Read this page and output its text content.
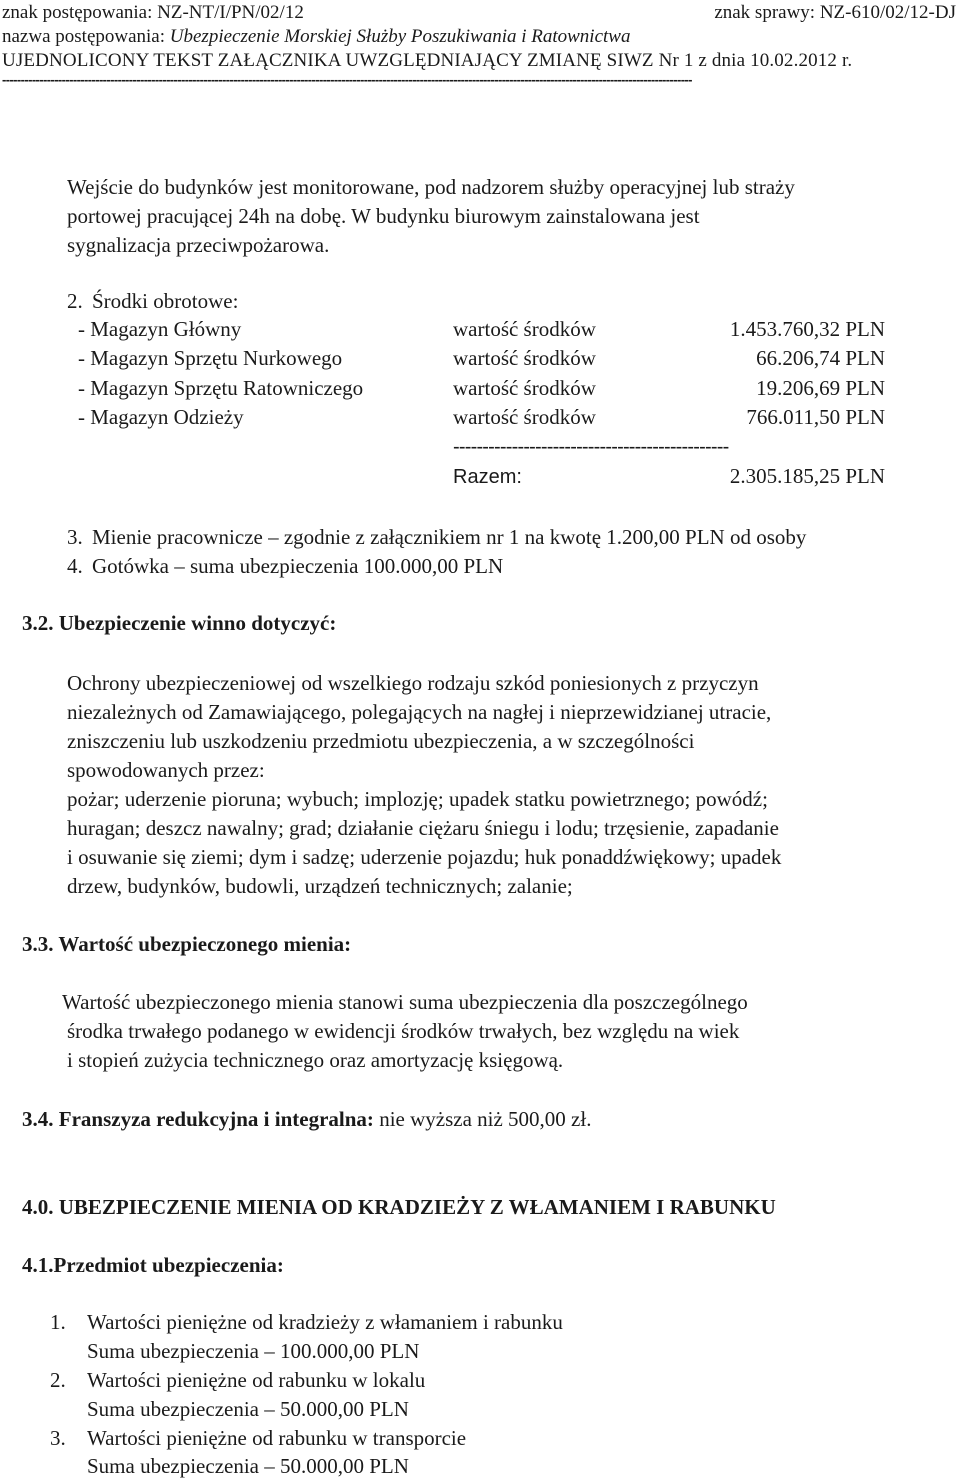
znak postępowania: NZ-NT/I/PN/02/12	znak sprawy: NZ-610/02/12-DJ
nazwa postępowania: Ubezpieczenie Morskiej Służby Poszukiwania i Ratownictwa
UJEDNOLICONY TEKST ZAŁĄCZNIKA UWZGLĘDNIAJĄCY ZMIANĘ SIWZ Nr 1 z dnia 10.02.2012 r.
-----------------------------------------------------------------------------------------------------------------------------------------------------------------------------------------
Wejście do budynków jest monitorowane, pod nadzorem służby operacyjnej lub straży
portowej pracującej 24h na dobę. W budynku biurowym zainstalowana jest
sygnalizacja przeciwpożarowa.
2. Środki obrotowe:
- Magazyn Główny	wartość środków	1.453.760,32 PLN
- Magazyn Sprzętu Nurkowego	wartość środków	66.206,74 PLN
- Magazyn Sprzętu Ratowniczego	wartość środków	19.206,69 PLN
- Magazyn Odzieży	wartość środków	766.011,50 PLN
-----------------------------------------------
Razem:	2.305.185,25 PLN
3. Mienie pracownicze – zgodnie z załącznikiem nr 1 na kwotę 1.200,00 PLN od osoby
4. Gotówka – suma ubezpieczenia 100.000,00 PLN
3.2. Ubezpieczenie winno dotyczyć:
Ochrony ubezpieczeniowej od wszelkiego rodzaju szkód poniesionych z przyczyn
niezależnych od Zamawiającego, polegających na nagłej i nieprzewidzianej utracie,
zniszczeniu lub uszkodzeniu przedmiotu ubezpieczenia, a w szczególności
spowodowanych przez:
pożar; uderzenie pioruna; wybuch; implozję; upadek statku powietrznego; powódź;
huragan; deszcz nawalny; grad; działanie ciężaru śniegu i lodu; trzęsienie, zapadanie
i osuwanie się ziemi; dym i sadzę; uderzenie pojazdu; huk ponaddźwiękowy; upadek
drzew, budynków, budowli, urządzeń technicznych; zalanie;
3.3. Wartość ubezpieczonego mienia:
Wartość ubezpieczonego mienia stanowi suma ubezpieczenia dla poszczególnego
środka trwałego podanego w ewidencji środków trwałych, bez względu na wiek
i stopień zużycia technicznego oraz amortyzację księgową.
3.4. Franszyza redukcyjna i integralna: nie wyższa niż 500,00 zł.
4.0. UBEZPIECZENIE MIENIA OD KRADZIEŻY Z WŁAMANIEM I RABUNKU
4.1.Przedmiot ubezpieczenia:
1. Wartości pieniężne od kradzieży z włamaniem i rabunku
Suma ubezpieczenia – 100.000,00 PLN
2. Wartości pieniężne od rabunku w lokalu
Suma ubezpieczenia – 50.000,00 PLN
3. Wartości pieniężne od rabunku w transporcie
Suma ubezpieczenia – 50.000,00 PLN
